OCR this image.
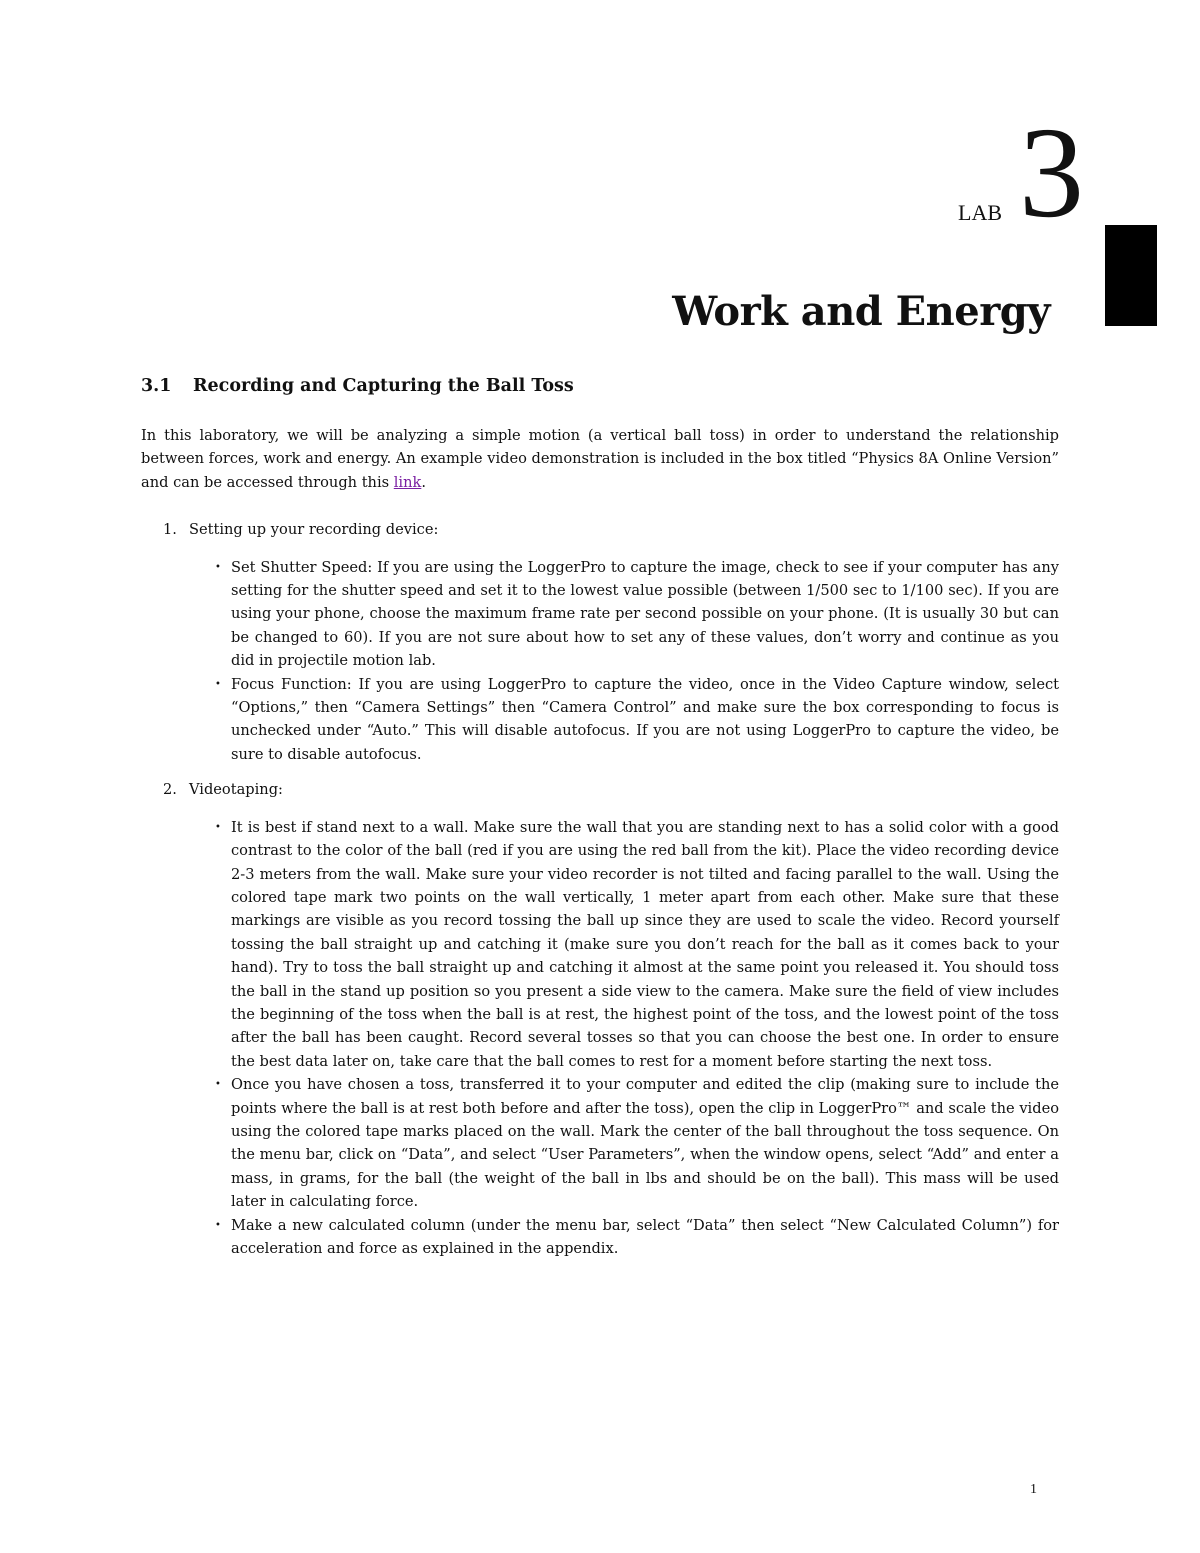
LAB 3
Work and Energy
3.1 Recording and Capturing the Ball Toss

In this laboratory, we will be analyzing a simple motion (a vertical ball toss) in order to understand the relationship between forces, work and energy. An example video demonstration is included in the box titled “Physics 8A Online Version” and can be accessed through this link.

1. Setting up your recording device:
• Set Shutter Speed: If you are using the LoggerPro to capture the image, check to see if your computer has any setting for the shutter speed and set it to the lowest value possible (between 1/500 sec to 1/100 sec). If you are using your phone, choose the maximum frame rate per second possible on your phone. (It is usually 30 but can be changed to 60). If you are not sure about how to set any of these values, don’t worry and continue as you did in projectile motion lab.
• Focus Function: If you are using LoggerPro to capture the video, once in the Video Capture window, select “Options,” then “Camera Settings” then “Camera Control” and make sure the box corresponding to focus is unchecked under “Auto.” This will disable autofocus. If you are not using LoggerPro to capture the video, be sure to disable autofocus.
2. Videotaping:
• It is best if stand next to a wall. Make sure the wall that you are standing next to has a solid color with a good contrast to the color of the ball (red if you are using the red ball from the kit). Place the video recording device 2-3 meters from the wall. Make sure your video recorder is not tilted and facing parallel to the wall. Using the colored tape mark two points on the wall vertically, 1 meter apart from each other. Make sure that these markings are visible as you record tossing the ball up since they are used to scale the video. Record yourself tossing the ball straight up and catching it (make sure you don’t reach for the ball as it comes back to your hand). Try to toss the ball straight up and catching it almost at the same point you released it. You should toss the ball in the stand up position so you present a side view to the camera. Make sure the field of view includes the beginning of the toss when the ball is at rest, the highest point of the toss, and the lowest point of the toss after the ball has been caught. Record several tosses so that you can choose the best one. In order to ensure the best data later on, take care that the ball comes to rest for a moment before starting the next toss.
• Once you have chosen a toss, transferred it to your computer and edited the clip (making sure to include the points where the ball is at rest both before and after the toss), open the clip in LoggerPro™ and scale the video using the colored tape marks placed on the wall. Mark the center of the ball throughout the toss sequence. On the menu bar, click on “Data”, and select “User Parameters”, when the window opens, select “Add” and enter a mass, in grams, for the ball (the weight of the ball in lbs and should be on the ball). This mass will be used later in calculating force.
• Make a new calculated column (under the menu bar, select “Data” then select “New Calculated Column”) for acceleration and force as explained in the appendix.
1
